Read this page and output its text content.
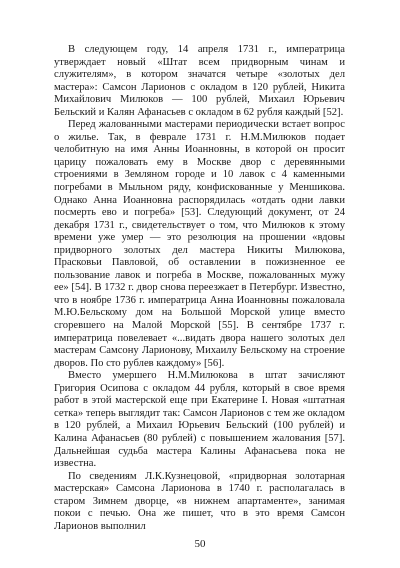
В следующем году, 14 апреля 1731 г., императрица утверждает новый «Штат всем придворным чинам и служителям», в котором значатся четыре «золотых дел мастера»: Самсон Ларионов с окладом в 120 рублей, Никита Михайлович Милюков — 100 рублей, Михаил Юрьевич Бельский и Калян Афанасьев с окладом в 62 рубля каждый [52].

Перед жалованными мастерами периодически встает вопрос о жилье. Так, в феврале 1731 г. Н.М.Милюков подает челобитную на имя Анны Иоанновны, в которой он просит царицу пожаловать ему в Москве двор с деревянными строениями в Земляном городе и 10 лавок с 4 каменными погребами в Мыльном ряду, конфискованные у Меншикова. Однако Анна Иоанновна распорядилась «отдать одни лавки посмерть ево и погреба» [53]. Следующий документ, от 24 декабря 1731 г., свидетельствует о том, что Милюков к этому времени уже умер — это резолюция на прошении «вдовы придворного золотых дел мастера Никиты Милюкова, Прасковьи Павловой, об оставлении в пожизненное ее пользование лавок и погреба в Москве, пожалованных мужу ее» [54]. В 1732 г. двор снова переезжает в Петербург. Известно, что в ноябре 1736 г. императрица Анна Иоанновны пожаловала М.Ю.Бельскому дом на Большой Морской улице вместо сгоревшего на Малой Морской [55]. В сентябре 1737 г. императрица повелевает «...видать двора нашего золотых дел мастерам Самсону Ларионову, Михаилу Бельскому на строение дворов. По сто рублев каждому» [56].

Вместо умершего Н.М.Милюкова в штат зачисляют Григория Осипова с окладом 44 рубля, который в свое время работ в этой мастерской еще при Екатерине I. Новая «штатная сетка» теперь выглядит так: Самсон Ларионов с тем же окладом в 120 рублей, а Михаил Юрьевич Бельский (100 рублей) и Калина Афанасьев (80 рублей) с повышением жалования [57]. Дальнейшая судьба мастера Калины Афанасьева пока не известна.

По сведениям Л.К.Кузнецовой, «придворная золотарная мастерская» Самсона Ларионова в 1740 г. располагалась в старом Зимнем дворце, «в нижнем апартаменте», занимая покои с печью. Она же пишет, что в это время Самсон Ларионов выполнил

50
